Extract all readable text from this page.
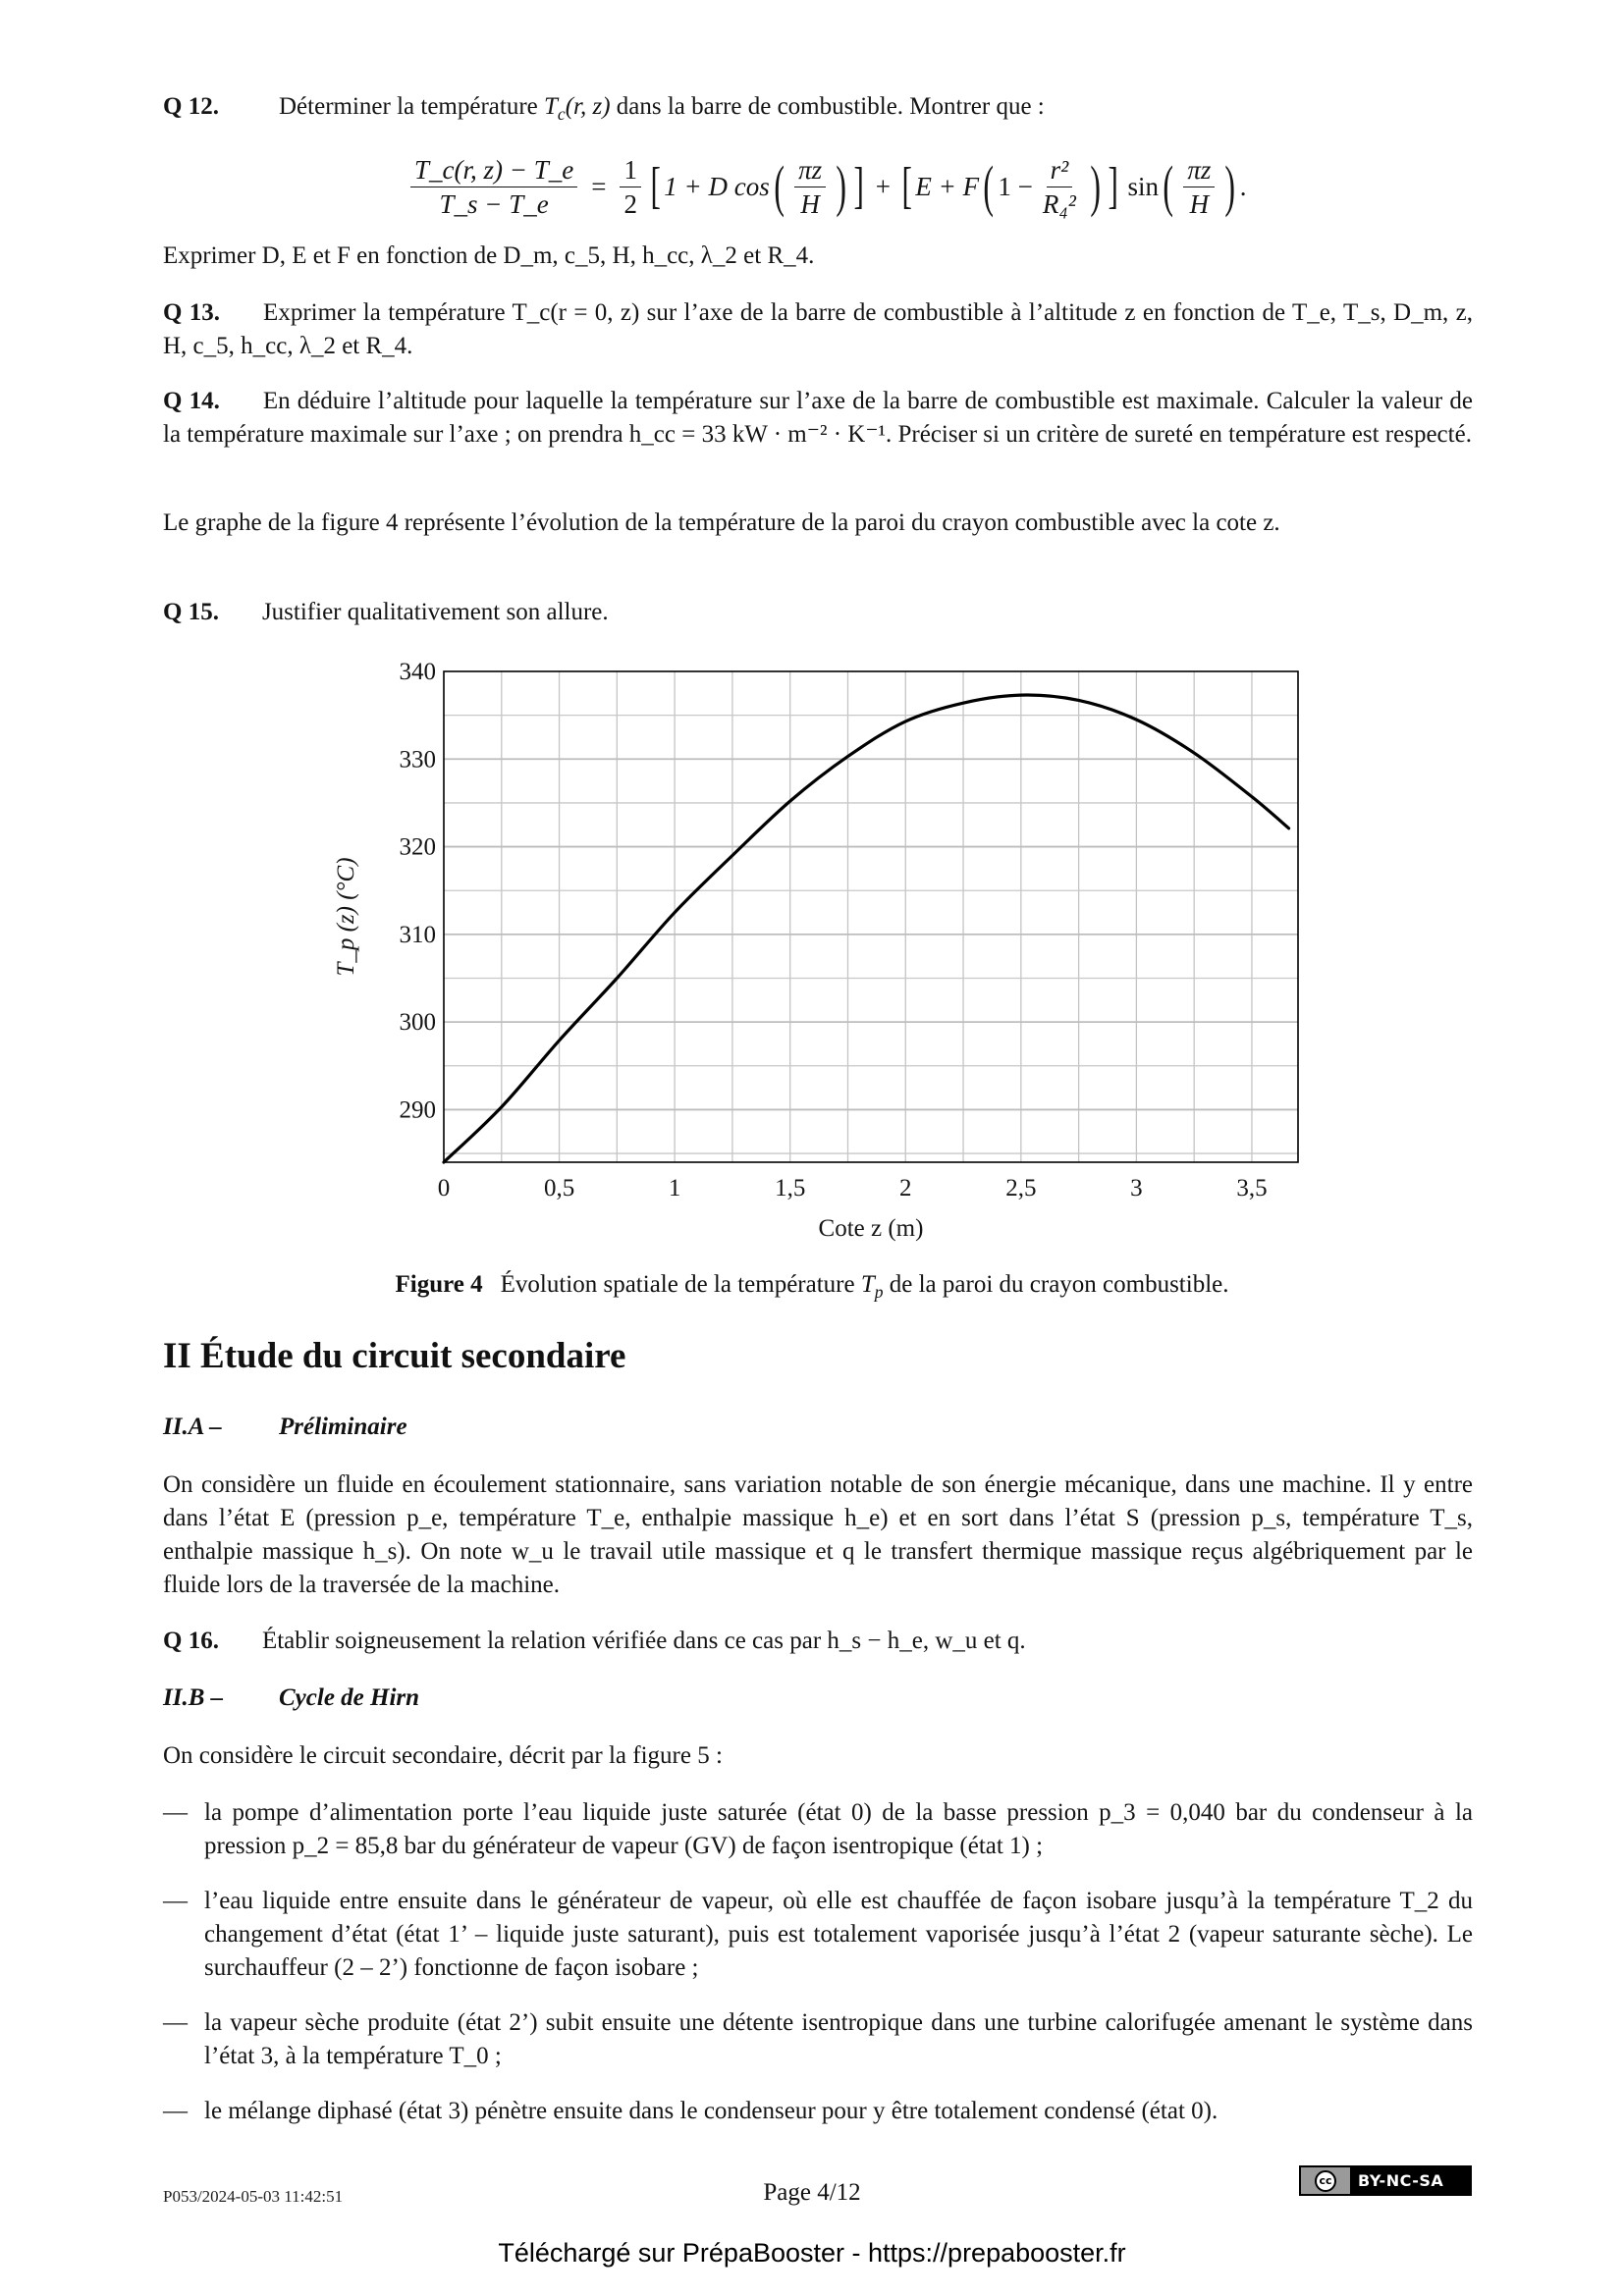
Q 12. Déterminer la température $T_c(r$, z) dans la barre de combustible. Montrer que :
$\frac{T\_c(r, z) - T\_e}{T\_s - T\_e} = \frac{1}{2}$ [ 1 + D cos ( $\frac{\pi z}{H}$ ) ] + [ E + F ( $1 - \frac{\text{r²}}{\text{R₄²}}$ ) ] sin ( $\frac{\pi z}{H}$ ) .
Exprimer D, E et F en fonction de D_m, c_5, H, h_cc, λ_2 et R_4.
Q 13. Exprimer la température T_c(r = 0, z) sur l’axe de la barre de combustible à l’altitude z en fonction de T_e, T_s, D_m, z, H, c_5, h_cc, λ_2 et R_4.
Q 14. En déduire l’altitude pour laquelle la température sur l’axe de la barre de combustible est maximale. Calculer la valeur de la température maximale sur l’axe ; on prendra h_cc = 33 kW · m⁻² · K⁻¹. Préciser si un critère de sureté en température est respecté.
Le graphe de la figure 4 représente l’évolution de la température de la paroi du crayon combustible avec la cote z.
Q 15. Justifier qualitativement son allure.
0	0,5	1	1,5	2	2,5	3	3,5
290
300
310
320
330
340
Cote z (m)
T_p (z) (°C)
Figure 4 Évolution spatiale de la température $T_p$ de la paroi du crayon combustible.
II Étude du circuit secondaire
II.A – Préliminaire
On considère un fluide en écoulement stationnaire, sans variation notable de son énergie mécanique, dans une machine. Il y entre dans l’état E (pression p_e, température T_e, enthalpie massique h_e) et en sort dans l’état S (pression p_s, température T_s, enthalpie massique h_s). On note w_u le travail utile massique et q le transfert thermique massique reçus algébriquement par le fluide lors de la traversée de la machine.
Q 16. Établir soigneusement la relation vérifiée dans ce cas par h_s − h_e, w_u et q.
II.B – Cycle de Hirn
On considère le circuit secondaire, décrit par la figure 5 :
— la pompe d’alimentation porte l’eau liquide juste saturée (état 0) de la basse pression p_3 = 0,040 bar du condenseur à la pression p_2 = 85,8 bar du générateur de vapeur (GV) de façon isentropique (état 1) ;
— l’eau liquide entre ensuite dans le générateur de vapeur, où elle est chauffée de façon isobare jusqu’à la température T_2 du changement d’état (état 1’ – liquide juste saturant), puis est totalement vaporisée jusqu’à l’état 2 (vapeur saturante sèche). Le surchauffeur (2 – 2’) fonctionne de façon isobare ;
— la vapeur sèche produite (état 2’) subit ensuite une détente isentropique dans une turbine calorifugée amenant le système dans l’état 3, à la température T_0 ;
— le mélange diphasé (état 3) pénètre ensuite dans le condenseur pour y être totalement condensé (état 0).
P053/2024-05-03 11:42:51	Page 4/12	cc BY-NC-SA
Téléchargé sur PrépaBooster - https://prepabooster.fr
